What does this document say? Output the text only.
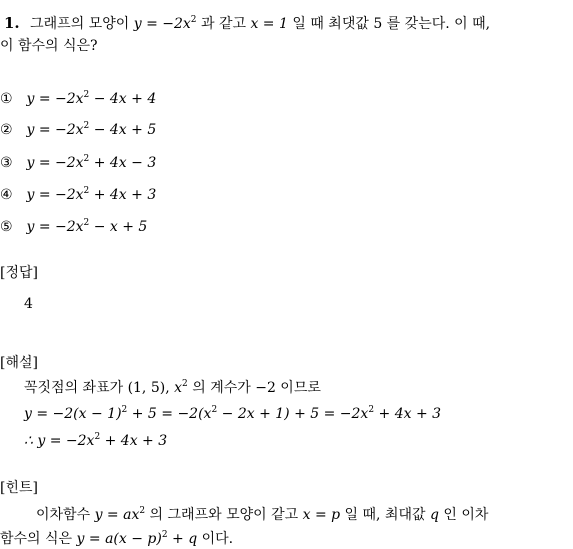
1. 그래프의 모양이 $y = -2x^2$ 과 같고 x = 1 일 때 최댓값 5 를 갖는다. 이 때,
이 함수의 식은?
① $y = -2x^2 - 4x + 4$
② $y = -2x^2 - 4x + 5$
③ $y = -2x^2 + 4x - 3$
④ $y = -2x^2 + 4x + 3$
⑤ $y = -2x^2 - x + 5$
[정답]
4
[해설]
꼭짓점의 좌표가 (1, 5), $x^2$ 의 계수가 −2 이므로
$y = -2(x - 1)^2 + 5 = -2(x^2 - 2x + 1) + 5 = -2x^2 + 4x + 3$
∴ $y = -2x^2 + 4x + 3$
[힌트]
이차함수 $y = ax^2$ 의 그래프와 모양이 같고 x = p 일 때, 최대값 q 인 이차
함수의 식은 $y = a(x - p)^2 + q$ 이다.
